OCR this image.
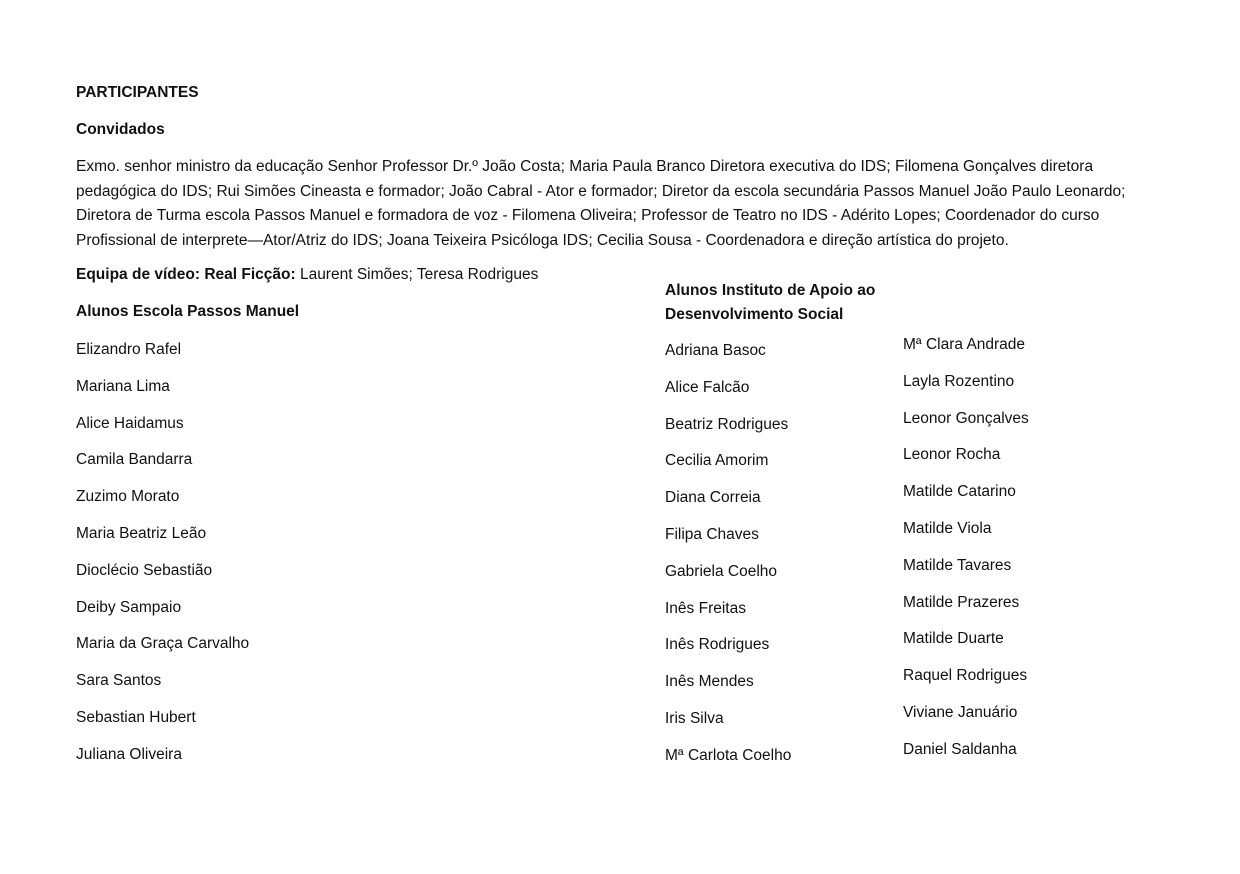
PARTICIPANTES
Convidados
Exmo. senhor ministro da educação Senhor Professor Dr.º João Costa; Maria Paula Branco Diretora executiva do IDS; Filomena Gonçalves diretora pedagógica do IDS; Rui Simões Cineasta e formador; João Cabral - Ator e formador; Diretor da escola secundária Passos Manuel João Paulo Leonardo; Diretora de Turma escola Passos Manuel e formadora de voz - Filomena Oliveira; Professor de Teatro no IDS - Adérito Lopes; Coordenador do curso Profissional de interprete—Ator/Atriz do IDS; Joana Teixeira Psicóloga IDS; Cecilia Sousa - Coordenadora e direção artística do projeto.
Equipa de vídeo: Real Ficção: Laurent Simões; Teresa Rodrigues
Alunos Escola Passos Manuel
Elizandro Rafel
Mariana Lima
Alice Haidamus
Camila Bandarra
Zuzimo Morato
Maria Beatriz Leão
Dioclécio Sebastião
Deiby Sampaio
Maria da Graça Carvalho
Sara Santos
Sebastian Hubert
Juliana Oliveira
Alunos Instituto de Apoio ao
Desenvolvimento Social
Adriana Basoc
Alice Falcão
Beatriz Rodrigues
Cecilia Amorim
Diana Correia
Filipa Chaves
Gabriela Coelho
Inês Freitas
Inês Rodrigues
Inês Mendes
Iris Silva
Mª Carlota Coelho
Mª Clara Andrade
Layla Rozentino
Leonor Gonçalves
Leonor Rocha
Matilde Catarino
Matilde Viola
Matilde Tavares
Matilde Prazeres
Matilde Duarte
Raquel Rodrigues
Viviane Januário
Daniel Saldanha
